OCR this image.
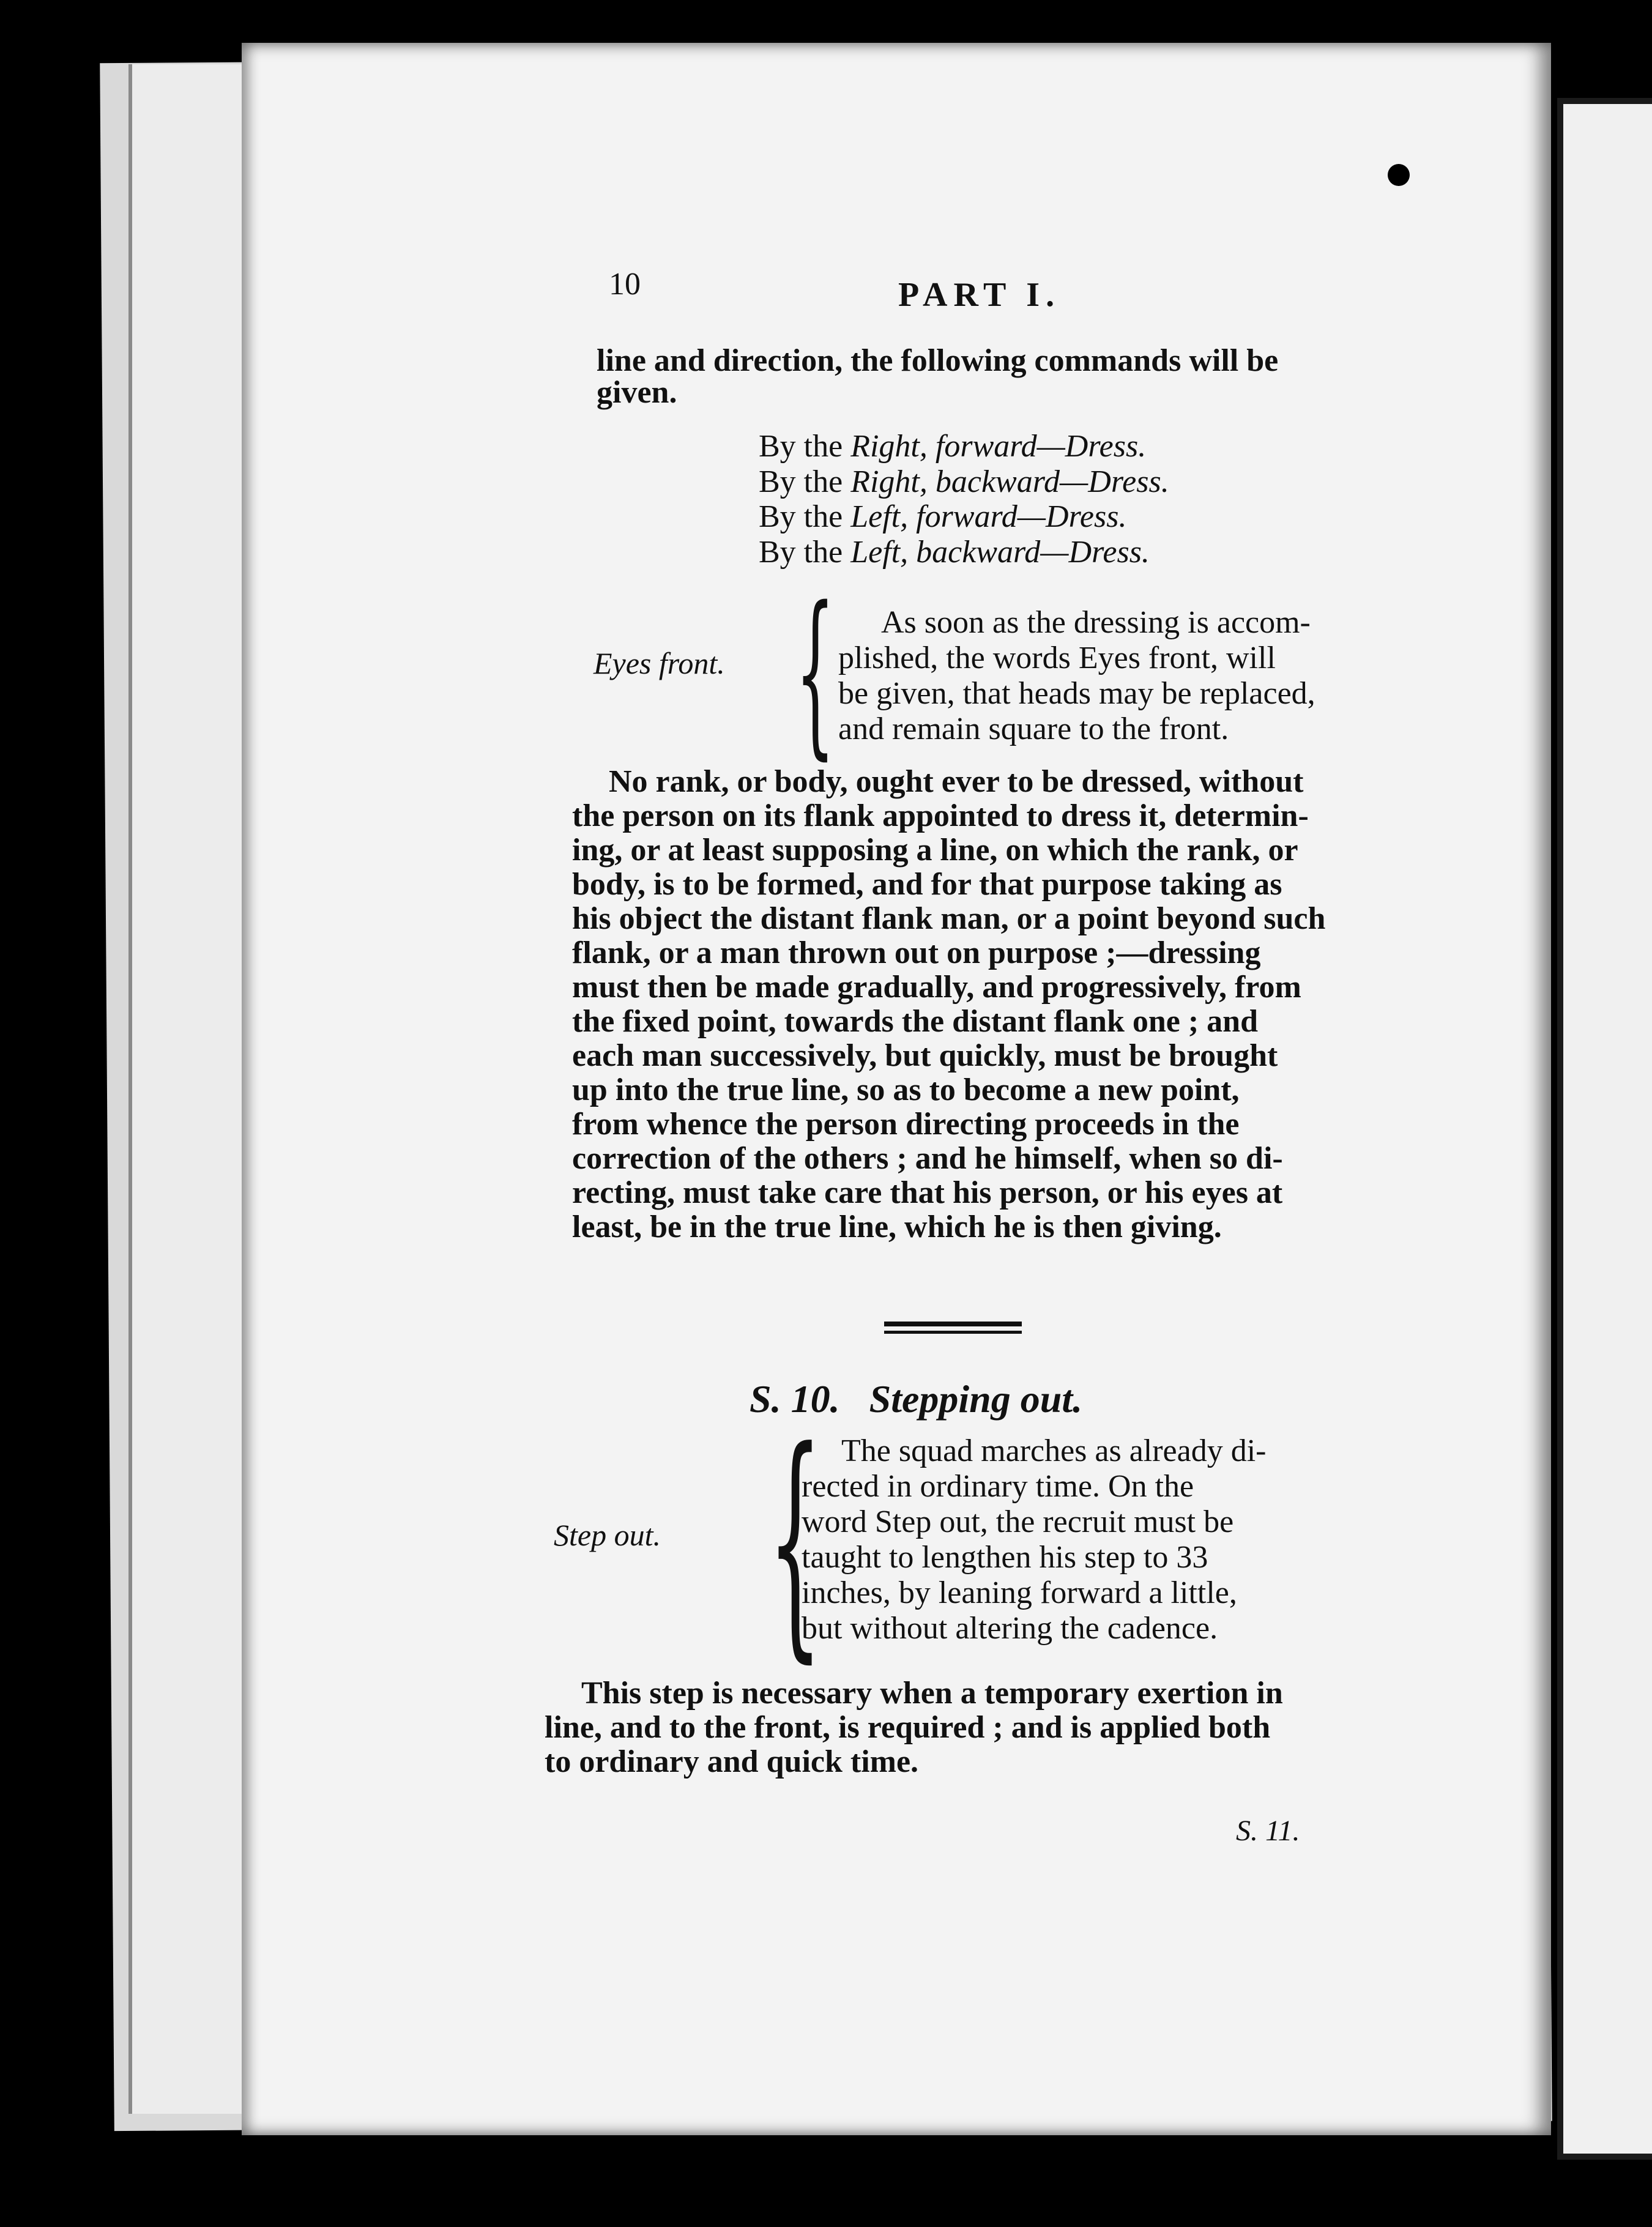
10	PART I.
line and direction, the following commands will be
given.
By the Right, forward—Dress.
By the Right, backward—Dress.
By the Left, forward—Dress.
By the Left, backward—Dress.
Eyes front. { As soon as the dressing is accom-
plished, the words Eyes front, will
be given, that heads may be replaced,
and remain square to the front.
No rank, or body, ought ever to be dressed, without
the person on its flank appointed to dress it, determin-
ing, or at least supposing a line, on which the rank, or
body, is to be formed, and for that purpose taking as
his object the distant flank man, or a point beyond such
flank, or a man thrown out on purpose ;—dressing
must then be made gradually, and progressively, from
the fixed point, towards the distant flank one ; and
each man successively, but quickly, must be brought
up into the true line, so as to become a new point,
from whence the person directing proceeds in the
correction of the others ; and he himself, when so di-
recting, must take care that his person, or his eyes at
least, be in the true line, which he is then giving.
S. 10. Stepping out.
Step out. { The squad marches as already di-
rected in ordinary time. On the
word Step out, the recruit must be
taught to lengthen his step to 33
inches, by leaning forward a little,
but without altering the cadence.
This step is necessary when a temporary exertion in
line, and to the front, is required ; and is applied both
to ordinary and quick time.
S. 11.
